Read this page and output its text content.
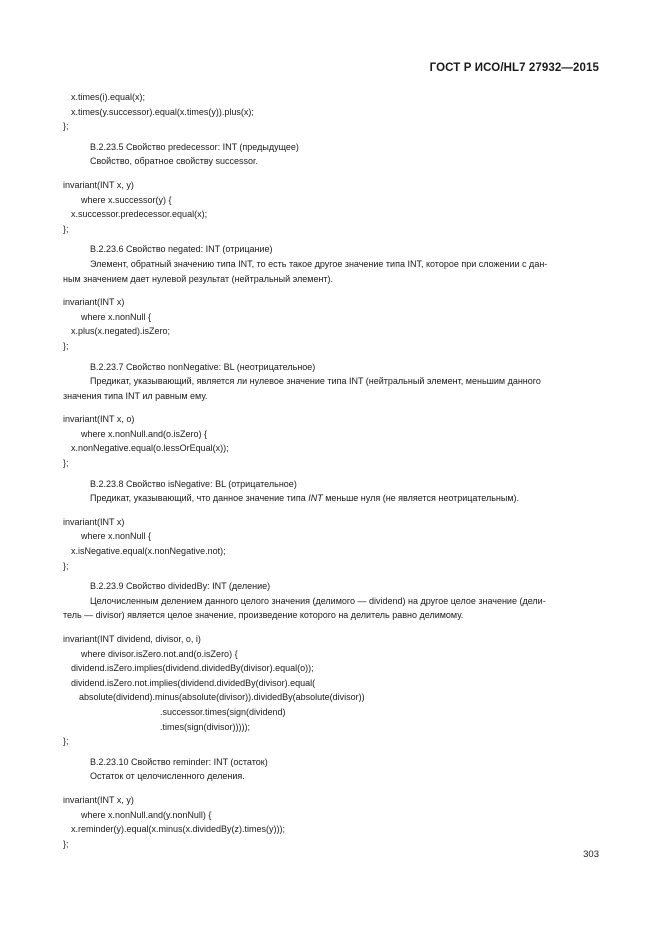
ГОСТ Р ИСО/HL7 27932—2015
x.times(i).equal(x);
x.times(y.successor).equal(x.times(y)).plus(x);
};
B.2.23.5 Свойство predecessor: INT (предыдущее)
Свойство, обратное свойству successor.
invariant(INT x, y)
where x.successor(y) {
x.successor.predecessor.equal(x);
};
B.2.23.6 Свойство negated: INT (отрицание)
Элемент, обратный значению типа INT, то есть такое другое значение типа INT, которое при сложении с дан-
ным значением дает нулевой результат (нейтральный элемент).
invariant(INT x)
where x.nonNull {
x.plus(x.negated).isZero;
};
B.2.23.7 Свойство nonNegative: BL (неотрицательное)
Предикат, указывающий, является ли нулевое значение типа INT (нейтральный элемент, меньшим данного
значения типа INT ил равным ему.
invariant(INT x, o)
where x.nonNull.and(o.isZero) {
x.nonNegative.equal(o.lessOrEqual(x));
};
B.2.23.8 Свойство isNegative: BL (отрицательное)
Предикат, указывающий, что данное значение типа INT меньше нуля (не является неотрицательным).
invariant(INT x)
where x.nonNull {
x.isNegative.equal(x.nonNegative.not);
};
B.2.23.9 Свойство dividedBy: INT (деление)
Целочисленным делением данного целого значения (делимого — dividend) на другое целое значение (дели-
тель — divisor) является целое значение, произведение которого на делитель равно делимому.
invariant(INT dividend, divisor, o, i)
where divisor.isZero.not.and(o.isZero) {
dividend.isZero.implies(dividend.dividedBy(divisor).equal(o));
dividend.isZero.not.implies(dividend.dividedBy(divisor).equal(
absolute(dividend).minus(absolute(divisor)).dividedBy(absolute(divisor))
.successor.times(sign(dividend)
.times(sign(divisor)))));
};
B.2.23.10 Свойство reminder: INT (остаток)
Остаток от целочисленного деления.
invariant(INT x, y)
where x.nonNull.and(y.nonNull) {
x.reminder(y).equal(x.minus(x.dividedBy(z).times(y)));
};
303
